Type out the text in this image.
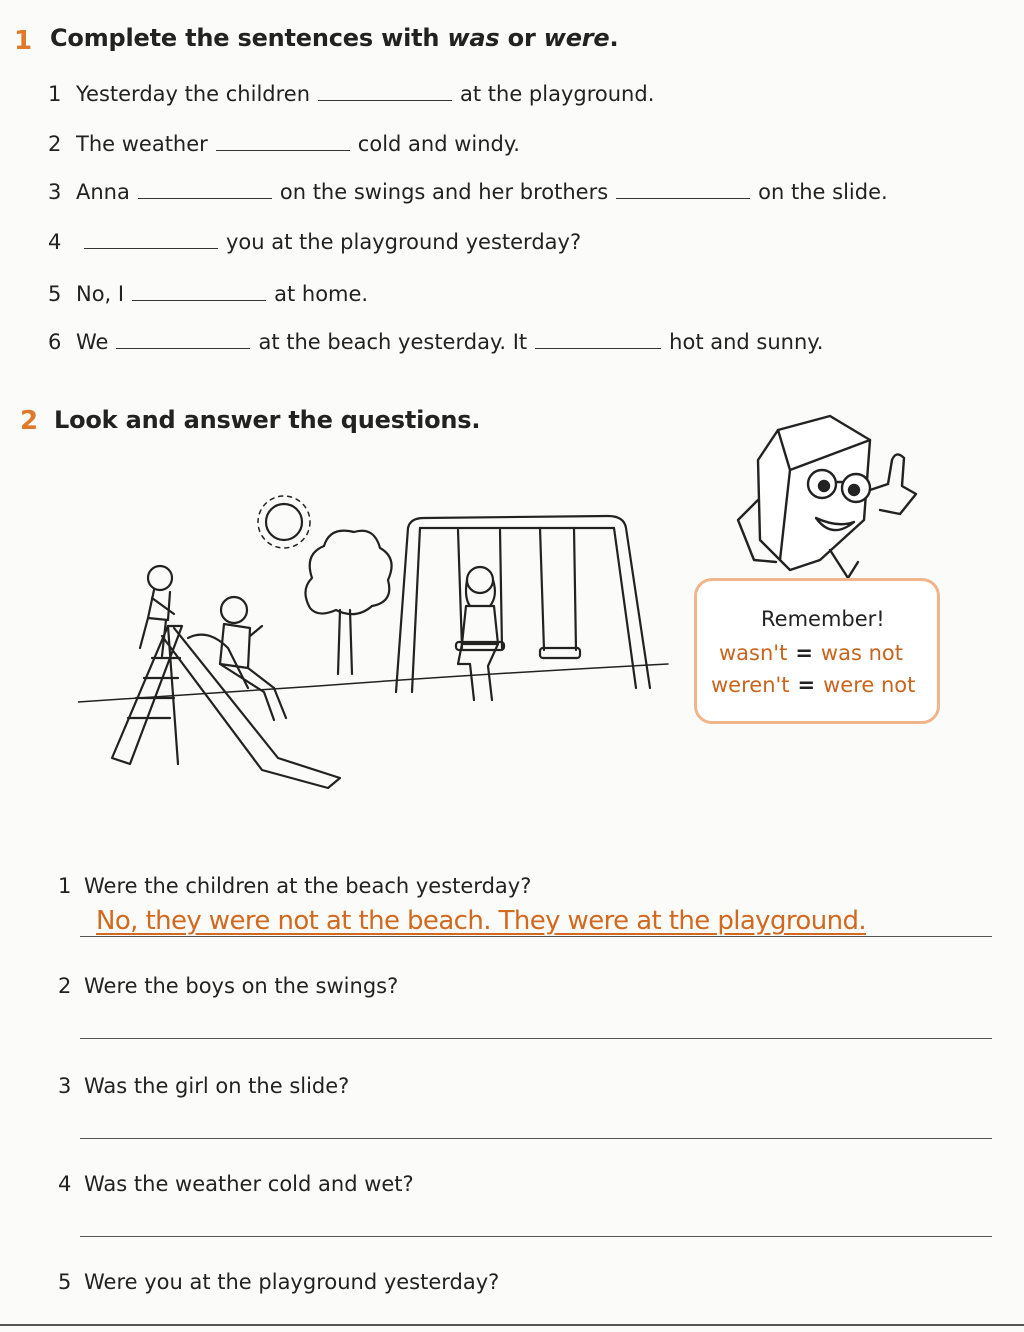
1 Complete the sentences with was or were.
1 Yesterday the children	at the playground.
2 The weather	cold and windy.
3 Anna	on the swings and her brothers	on the slide.
4	you at the playground yesterday?
5 No, I	at home.
6 We	at the beach yesterday. It	hot and sunny.
2 Look and answer the questions.
Remember!
wasn't = was not
weren't = were not
1 Were the children at the beach yesterday?
No, they were not at the beach. They were at the playground.
2 Were the boys on the swings?
3 Was the girl on the slide?
4 Was the weather cold and wet?
5 Were you at the playground yesterday?
